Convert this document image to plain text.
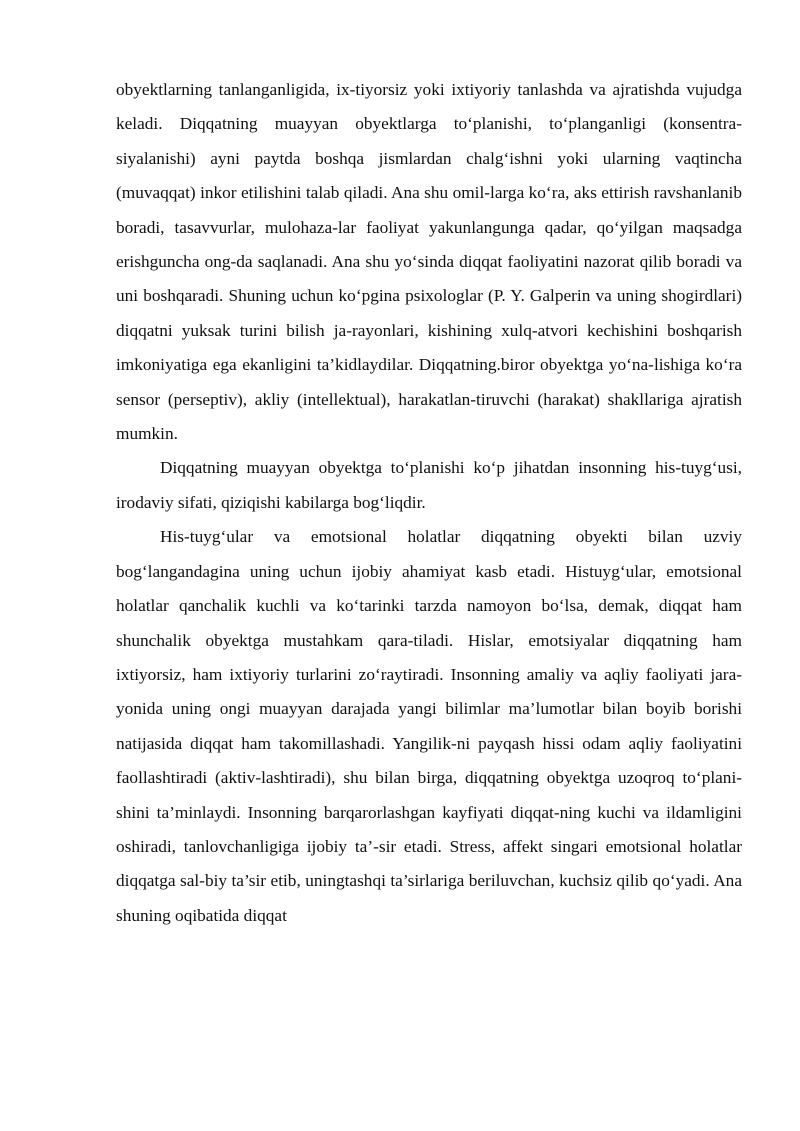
obyektlarning tanlanganligida, ix-tiyorsiz yoki ixtiyoriy tanlashda va ajratishda vujudga keladi. Diqqatning muayyan obyektlarga to‘planishi, to‘planganligi (konsentra-siyalanishi) ayni paytda boshqa jismlardan chalg‘ishni yoki ularning vaqtincha (muvaqqat) inkor etilishini talab qiladi. Ana shu omil-larga ko‘ra, aks ettirish ravshanlanib boradi, tasavvurlar, mulohaza-lar faoliyat yakunlangunga qadar, qo‘yilgan maqsadga erishguncha ong-da saqlanadi. Ana shu yo‘sinda diqqat faoliyatini nazorat qilib boradi va uni boshqaradi. Shuning uchun ko‘pgina psixologlar (P. Y. Galperin va uning shogirdlari) diqqatni yuksak turini bilish ja-rayonlari, kishining xulq-atvori kechishini boshqarish imkoniyatiga ega ekanligini ta’kidlaydilar. Diqqatning.biror obyektga yo‘na-lishiga ko‘ra sensor (perseptiv), akliy (intellektual), harakatlan-tiruvchi (harakat) shakllariga ajratish mumkin.

Diqqatning muayyan obyektga to‘planishi ko‘p jihatdan insonning his-tuyg‘usi, irodaviy sifati, qiziqishi kabilarga bog‘liqdir.

His-tuyg‘ular va emotsional holatlar diqqatning obyekti bilan uzviy bog‘langandagina uning uchun ijobiy ahamiyat kasb etadi. Histuyg‘ular, emotsional holatlar qanchalik kuchli va ko‘tarinki tarzda namoyon bo‘lsa, demak, diqqat ham shunchalik obyektga mustahkam qara-tiladi. Hislar, emotsiyalar diqqatning ham ixtiyorsiz, ham ixtiyoriy turlarini zo‘raytiradi. Insonning amaliy va aqliy faoliyati jara-yonida uning ongi muayyan darajada yangi bilimlar ma’lumotlar bilan boyib borishi natijasida diqqat ham takomillashadi. Yangilik-ni payqash hissi odam aqliy faoliyatini faollashtiradi (aktiv-lashtiradi), shu bilan birga, diqqatning obyektga uzoqroq to‘plani-shini ta’minlaydi. Insonning barqarorlashgan kayfiyati diqqat-ning kuchi va ildamligini oshiradi, tanlovchanligiga ijobiy ta’-sir etadi. Stress, affekt singari emotsional holatlar diqqatga sal-biy ta’sir etib, uningtashqi ta’sirlariga beriluvchan, kuchsiz qilib qo‘yadi. Ana shuning oqibatida diqqat
